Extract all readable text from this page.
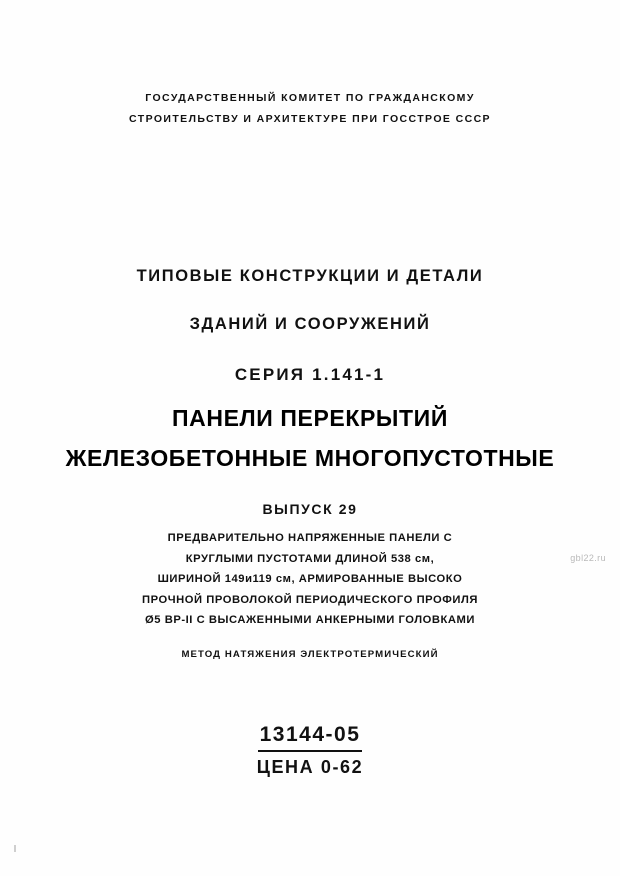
ГОСУДАРСТВЕННЫЙ КОМИТЕТ ПО ГРАЖДАНСКОМУ
СТРОИТЕЛЬСТВУ И АРХИТЕКТУРЕ ПРИ ГОССТРОЕ СССР
ТИПОВЫЕ КОНСТРУКЦИИ И ДЕТАЛИ
ЗДАНИЙ И СООРУЖЕНИЙ
СЕРИЯ 1.141-1
ПАНЕЛИ ПЕРЕКРЫТИЙ
ЖЕЛЕЗОБЕТОННЫЕ МНОГОПУСТОТНЫЕ
ВЫПУСК 29
ПРЕДВАРИТЕЛЬНО НАПРЯЖЕННЫЕ ПАНЕЛИ С
КРУГЛЫМИ ПУСТОТАМИ ДЛИНОЙ 538 см,
ШИРИНОЙ 149и119 см, АРМИРОВАННЫЕ ВЫСОКО
ПРОЧНОЙ ПРОВОЛОКОЙ ПЕРИОДИЧЕСКОГО ПРОФИЛЯ
Ø5 ВР-II С ВЫСАЖЕННЫМИ АНКЕРНЫМИ ГОЛОВКАМИ
МЕТОД НАТЯЖЕНИЯ ЭЛЕКТРОТЕРМИЧЕСКИЙ
13144-05
ЦЕНА 0-62
gbl22.ru
